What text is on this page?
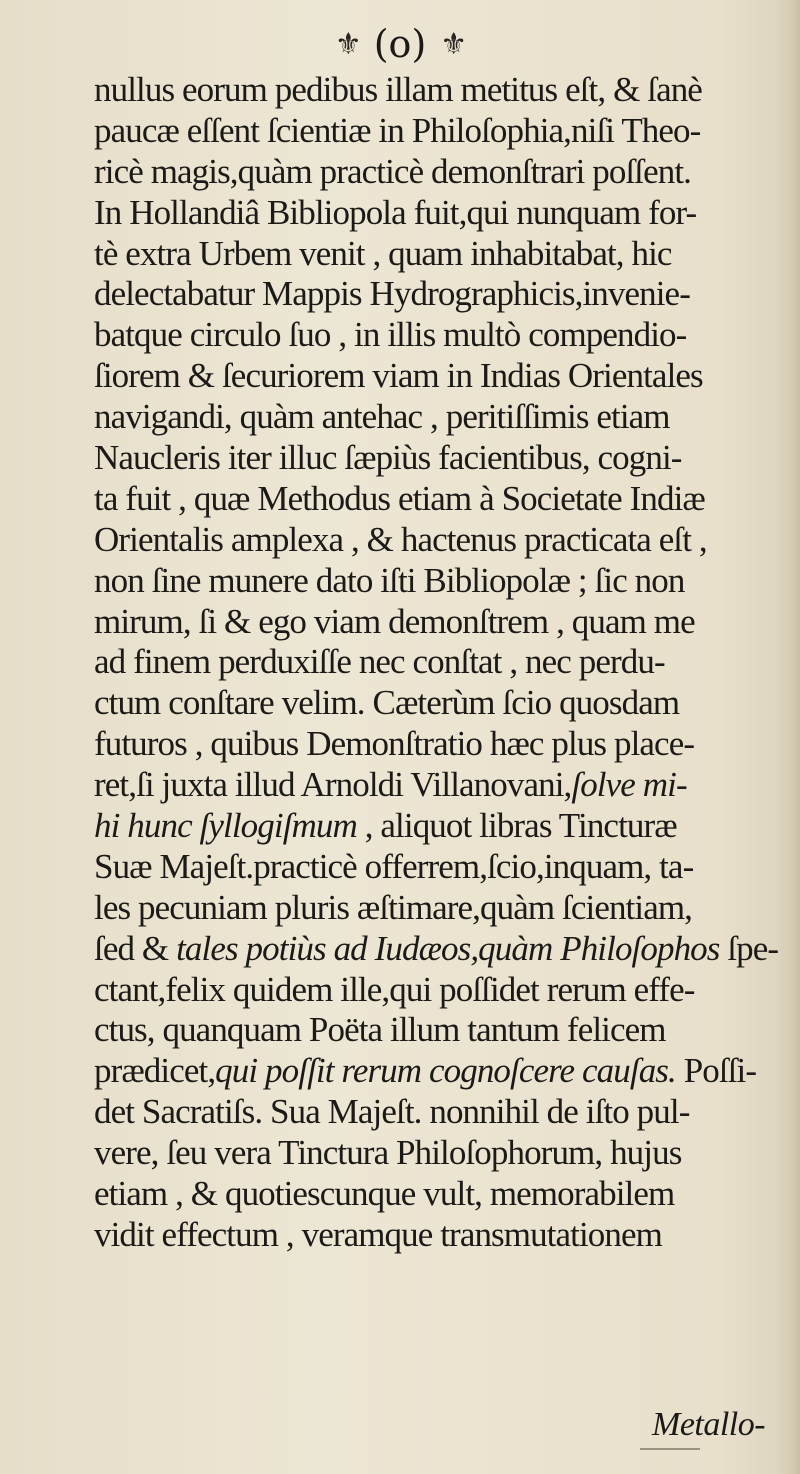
⚜ (o) ⚜
nullus eorum pedibus illam metitus eſt, & ſanè
paucæ eſſent ſcientiæ in Philoſophia,niſi Theo-
ricè magis,quàm practicè demonſtrari poſſent.
In Hollandiâ Bibliopola fuit,qui nunquam for-
tè extra Urbem venit , quam inhabitabat, hic
delectabatur Mappis Hydrographicis,invenie-
batque circulo ſuo , in illis multò compendio-
ſiorem & ſecuriorem viam in Indias Orientales
navigandi, quàm antehac , peritiſſimis etiam
Naucleris iter illuc ſæpiùs facientibus, cogni-
ta fuit , quæ Methodus etiam à Societate Indiæ
Orientalis amplexa , & hactenus practicata eſt ,
non ſine munere dato iſti Bibliopolæ ; ſic non
mirum, ſi & ego viam demonſtrem , quam me
ad finem perduxiſſe nec conſtat , nec perdu-
ctum conſtare velim. Cæterùm ſcio quosdam
futuros , quibus Demonſtratio hæc plus place-
ret,ſi juxta illud Arnoldi Villanovani,ſolve mi-
hi hunc ſyllogiſmum , aliquot libras Tincturæ
Suæ Majeſt.practicè offerrem,ſcio,inquam, ta-
les pecuniam pluris æſtimare,quàm ſcientiam,
ſed & tales potiùs ad Iudæos,quàm Philoſophos ſpe-
ctant,felix quidem ille,qui poſſidet rerum effe-
ctus, quanquam Poëta illum tantum felicem
prædicet,qui poſſit rerum cognoſcere cauſas. Poſſi-
det Sacratiſs. Sua Majeſt. nonnihil de iſto pul-
vere, ſeu vera Tinctura Philoſophorum, hujus
etiam , & quotiescunque vult, memorabilem
vidit effectum , veramque transmutationem
Metallo-
